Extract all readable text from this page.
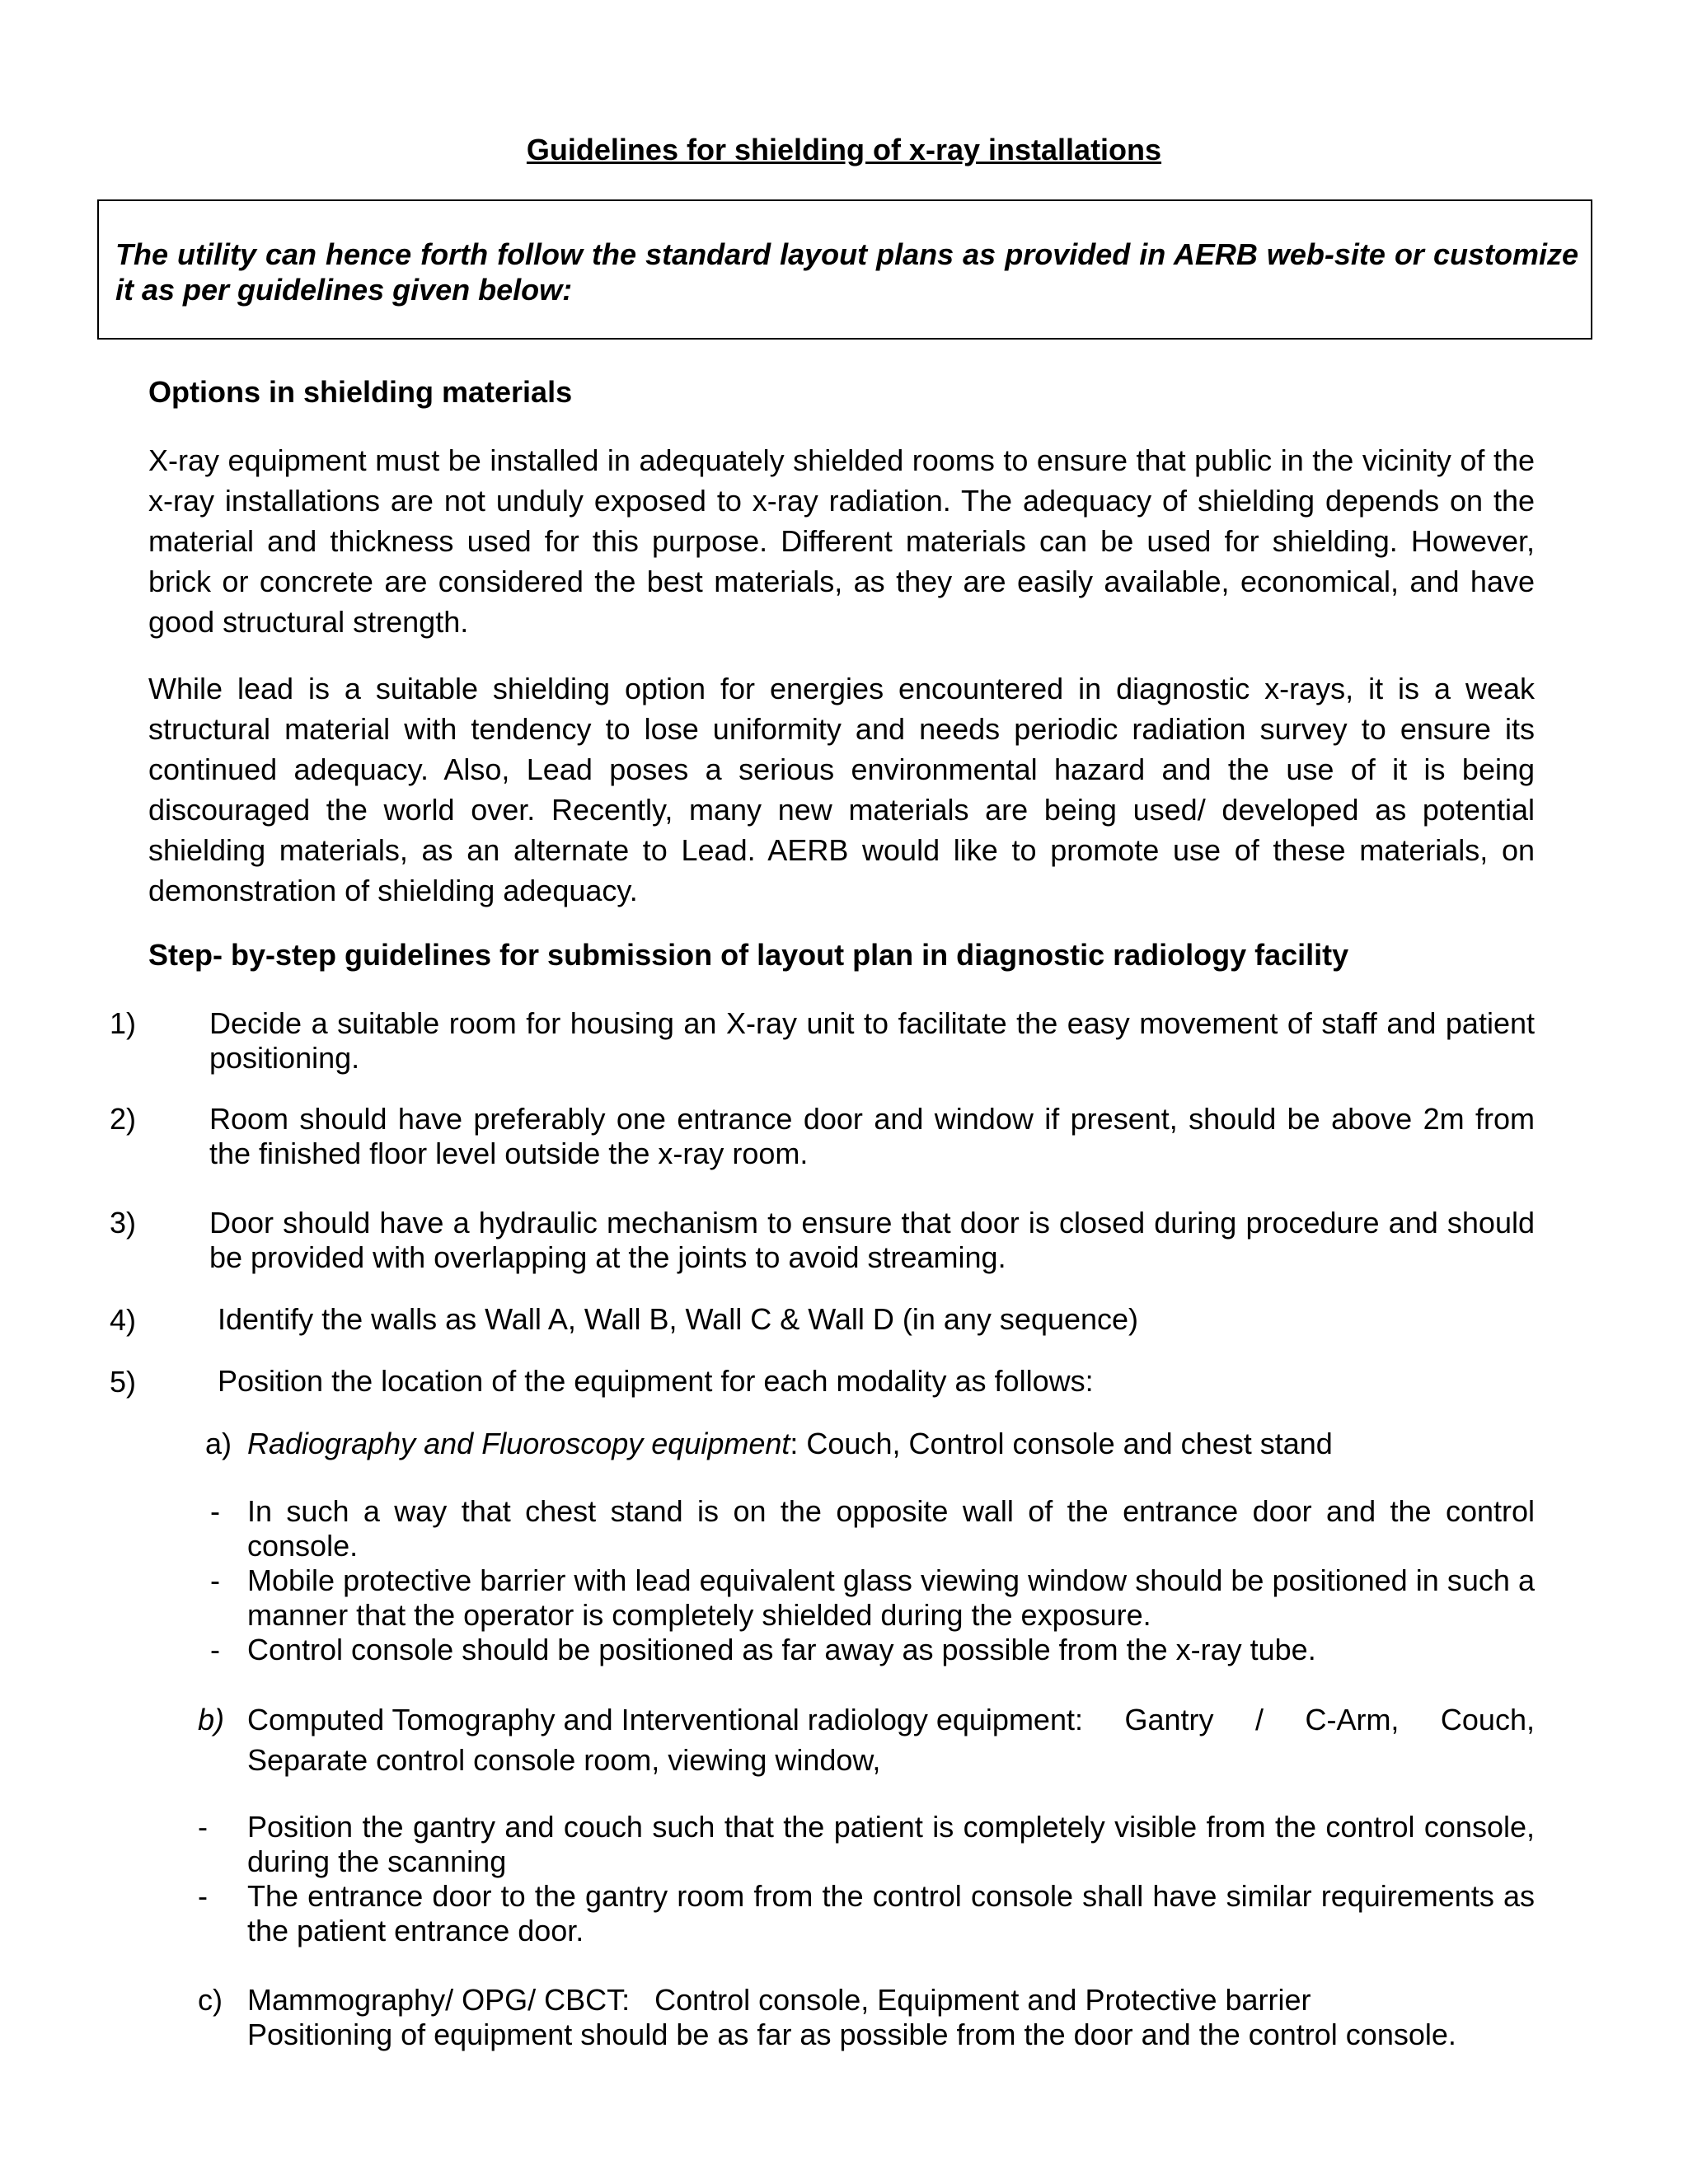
Guidelines for shielding of x-ray installations
The utility can hence forth follow the standard layout plans as provided in AERB web-site or customize it as per guidelines given below:
Options in shielding materials
X-ray equipment must be installed in adequately shielded rooms to ensure that public in the vicinity of the x-ray installations are not unduly exposed to x-ray radiation. The adequacy of shielding depends on the material and thickness used for this purpose. Different materials can be used for shielding. However, brick or concrete are considered the best materials, as they are easily available, economical, and have good structural strength.
While lead is a suitable shielding option for energies encountered in diagnostic x-rays, it is a weak structural material with tendency to lose uniformity and needs periodic radiation survey to ensure its continued adequacy. Also, Lead poses a serious environmental hazard and the use of it is being discouraged the world over. Recently, many new materials are being used/ developed as potential shielding materials, as an alternate to Lead. AERB would like to promote use of these materials, on demonstration of shielding adequacy.
Step- by-step guidelines for submission of layout plan in diagnostic radiology facility
1) Decide a suitable room for housing an X-ray unit to facilitate the easy movement of staff and patient positioning.
2) Room should have preferably one entrance door and window if present, should be above 2m from the finished floor level outside the x-ray room.
3) Door should have a hydraulic mechanism to ensure that door is closed during procedure and should be provided with overlapping at the joints to avoid streaming.
4)	Identify the walls as Wall A, Wall B, Wall C & Wall D (in any sequence)
5)	Position the location of the equipment for each modality as follows:
a) Radiography and Fluoroscopy equipment: Couch, Control console and chest stand
- In such a way that chest stand is on the opposite wall of the entrance door and the control console.
- Mobile protective barrier with lead equivalent glass viewing window should be positioned in such a manner that the operator is completely shielded during the exposure.
- Control console should be positioned as far away as possible from the x-ray tube.
b) Computed Tomography and Interventional radiology equipment: Gantry / C-Arm, Couch,
Separate control console room, viewing window,
- Position the gantry and couch such that the patient is completely visible from the control console, during the scanning
- The entrance door to the gantry room from the control console shall have similar requirements as the patient entrance door.
c) Mammography/ OPG/ CBCT:   Control console, Equipment and Protective barrier
Positioning of equipment should be as far as possible from the door and the control console.
